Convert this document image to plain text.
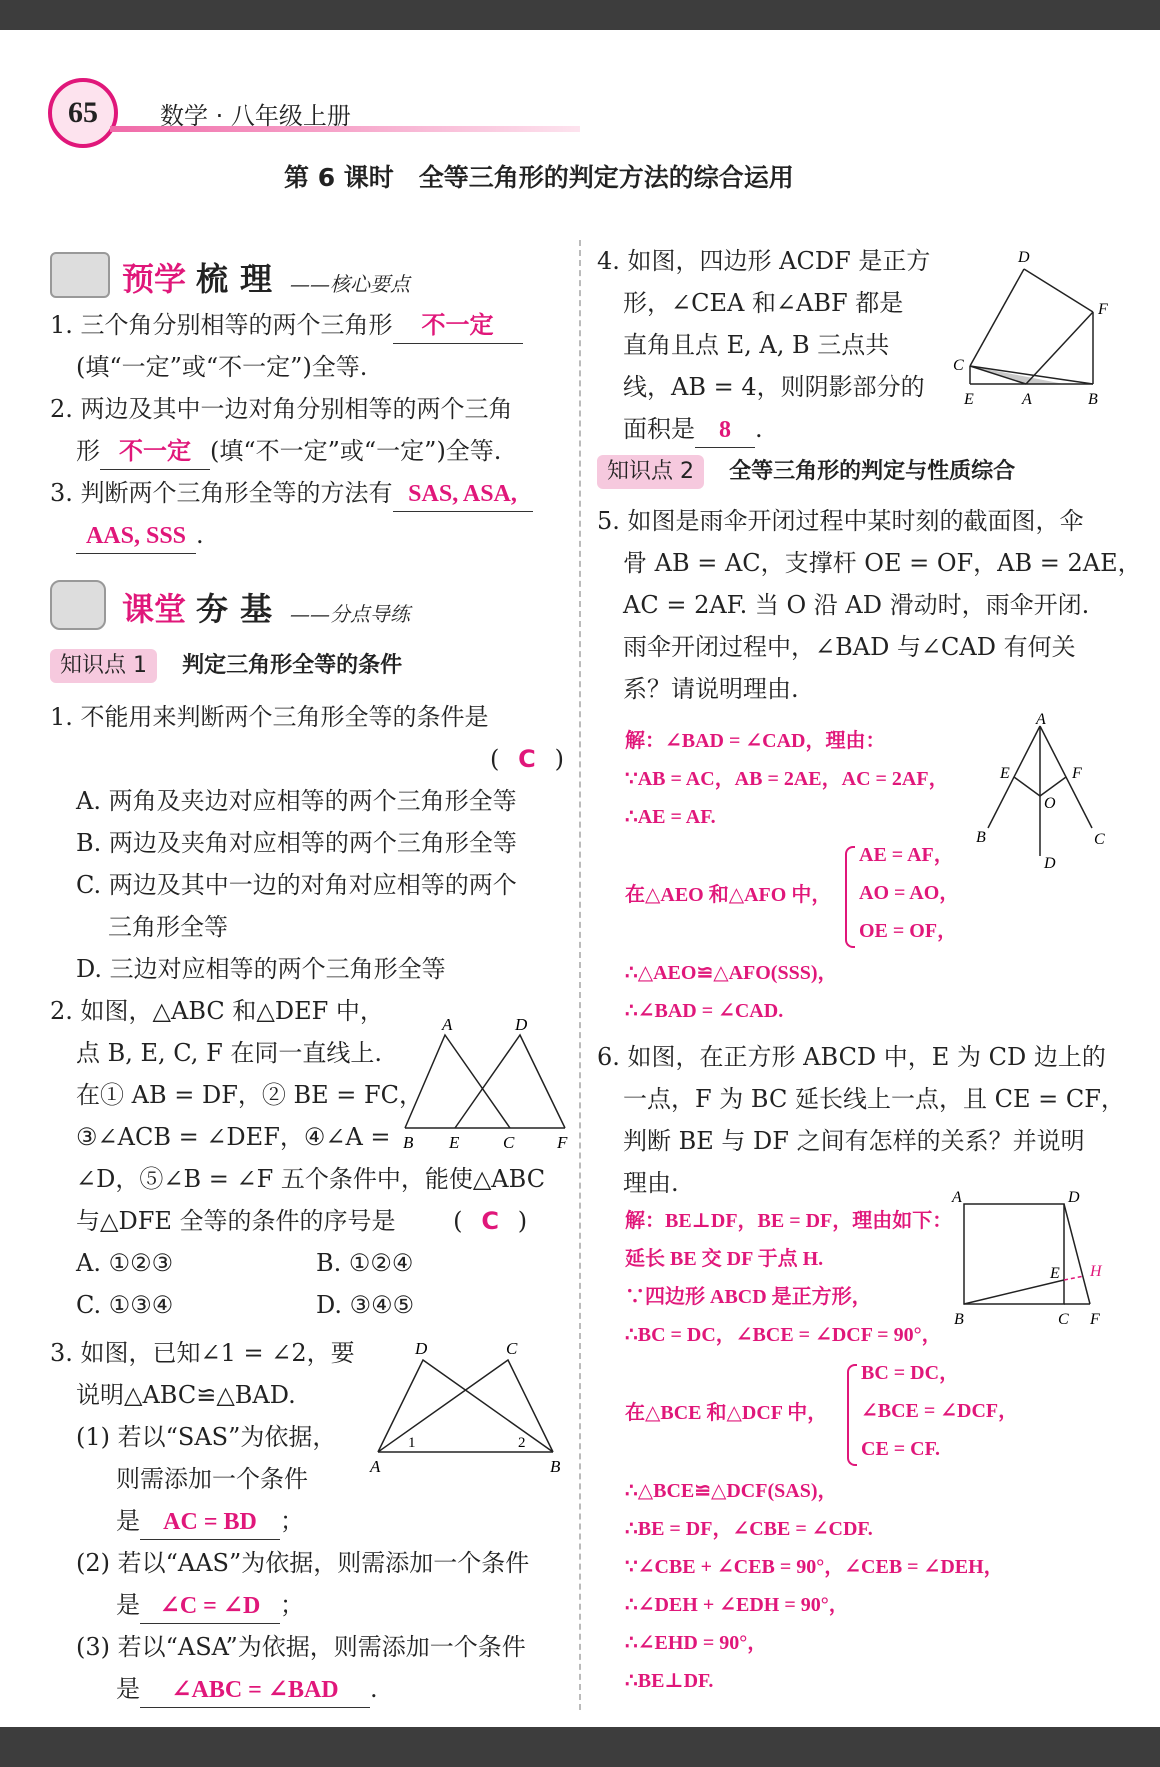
65	数学 · 八年级上册
第 6 课时　全等三角形的判定方法的综合运用
预学 梳 理 ——核心要点
1. 三个角分别相等的两个三角形 不一定
(填“一定”或“不一定”)全等.
2. 两边及其中一边对角分别相等的两个三角
形 不一定 (填“不一定”或“一定”)全等.
3. 判断两个三角形全等的方法有 SAS, ASA,
AAS, SSS .
课堂 夯 基 ——分点导练
知识点 1 判定三角形全等的条件
1. 不能用来判断两个三角形全等的条件是
( C )
A. 两角及夹边对应相等的两个三角形全等
B. 两边及夹角对应相等的两个三角形全等
C. 两边及其中一边的对角对应相等的两个
三角形全等
D. 三边对应相等的两个三角形全等
2. 如图，△ABC 和△DEF 中，
点 B, E, C, F 在同一直线上.
在① AB = DF，② BE = FC，
③∠ACB = ∠DEF，④∠A =
∠D，⑤∠B = ∠F 五个条件中，能使△ABC
与△DFE 全等的条件的序号是 ( C )
A. ①②③	B. ①②④
C. ①③④	D. ③④⑤
A	D
B E	C	F
3. 如图，已知∠1 = ∠2，要
说明△ABC≌△BAD.
(1) 若以“SAS”为依据，
则需添加一个条件
是 AC = BD ；
(2) 若以“AAS”为依据，则需添加一个条件
是 ∠C = ∠D ；
(3) 若以“ASA”为依据，则需添加一个条件
是 ∠ABC = ∠BAD .
D	C
A	B
1	2
4. 如图，四边形 ACDF 是正方
形，∠CEA 和∠ABF 都是
直角且点 E, A, B 三点共
线，AB = 4，则阴影部分的
面积是 8 .
D
F
C
E	A	B
知识点 2 全等三角形的判定与性质综合
5. 如图是雨伞开闭过程中某时刻的截面图，伞
骨 AB = AC，支撑杆 OE = OF，AB = 2AE，
AC = 2AF. 当 O 沿 AD 滑动时，雨伞开闭.
雨伞开闭过程中，∠BAD 与∠CAD 有何关
系？请说明理由.
解：∠BAD = ∠CAD，理由：
∵AB = AC，AB = 2AE，AC = 2AF，
∴AE = AF.
在△AEO 和△AFO 中，
AE = AF，
AO = AO，
OE = OF，
∴△AEO≌△AFO(SSS)，
∴∠BAD = ∠CAD.
A
E	F
O
B	C
D
6. 如图，在正方形 ABCD 中，E 为 CD 边上的
一点，F 为 BC 延长线上一点，且 CE = CF，
判断 BE 与 DF 之间有怎样的关系？并说明
理由.
解：BE⊥DF，BE = DF，理由如下：
延长 BE 交 DF 于点 H.
∵四边形 ABCD 是正方形，
∴BC = DC，∠BCE = ∠DCF = 90°，
在△BCE 和△DCF 中，
BC = DC，
∠BCE = ∠DCF，
CE = CF.
∴△BCE≌△DCF(SAS)，
∴BE = DF，∠CBE = ∠CDF.
∵∠CBE + ∠CEB = 90°，∠CEB = ∠DEH，
∴∠DEH + ∠EDH = 90°，
∴∠EHD = 90°，
∴BE⊥DF.
A	D
E H
B	C F
